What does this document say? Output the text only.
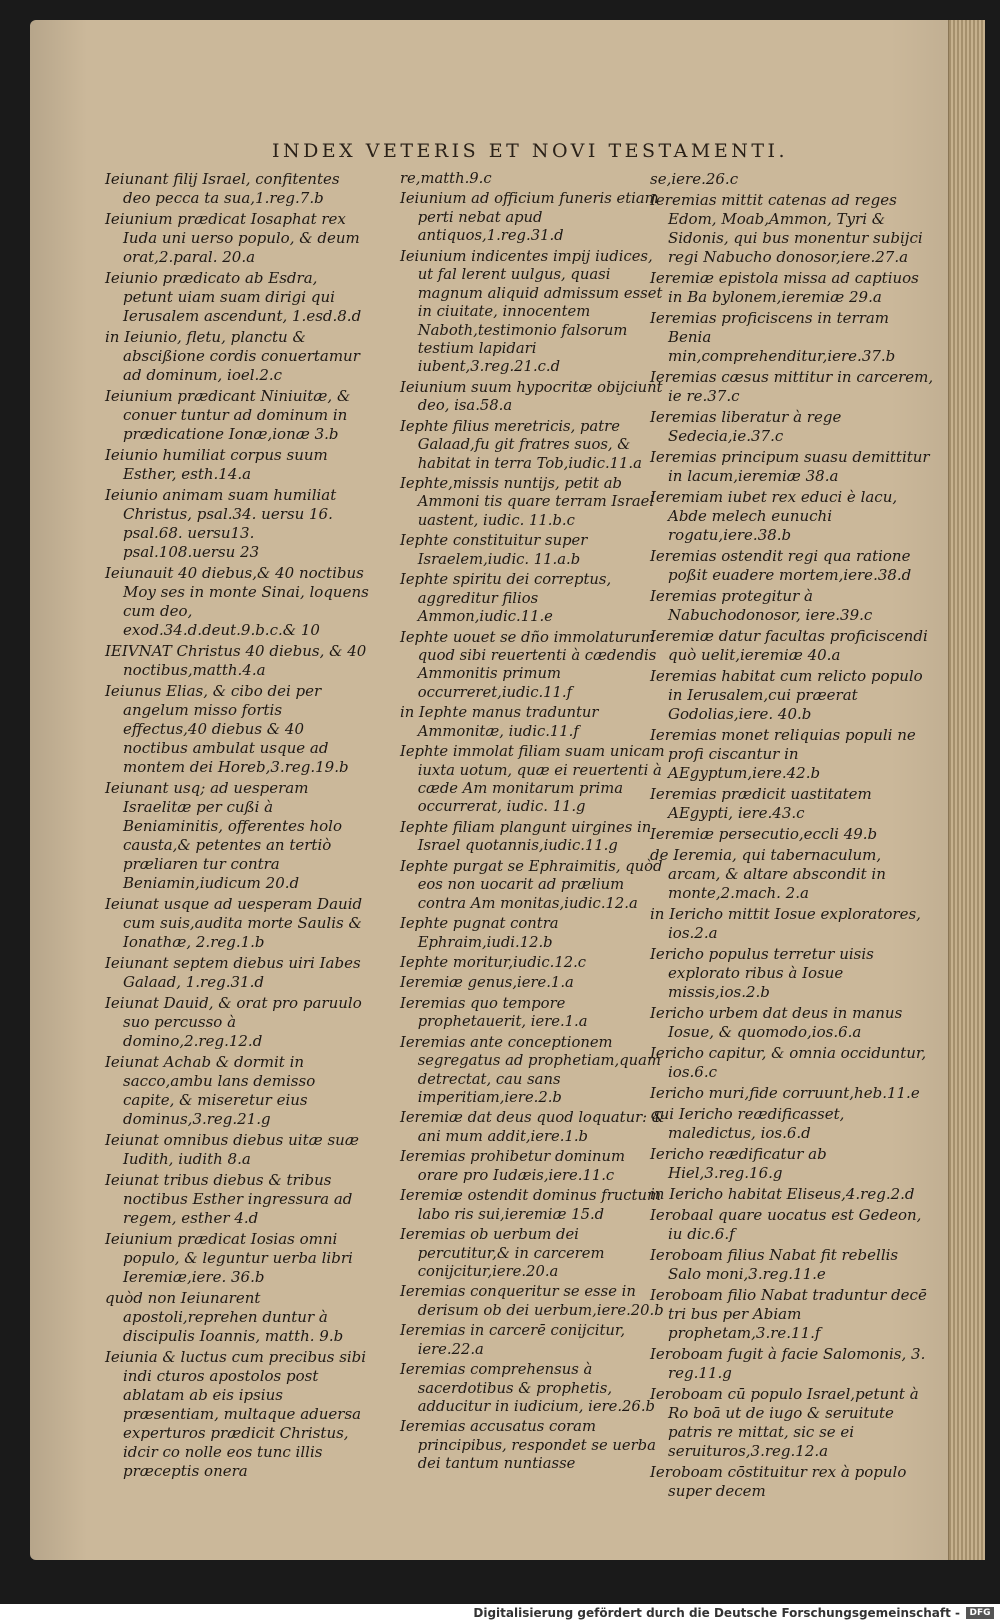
INDEX VETERIS ET NOVI TESTAMENTI.
Ieiunant filij Israel, confitentes deo pecca ta sua,1.reg.7.b
Ieiunium prædicat Iosaphat rex Iuda uni uerso populo, & deum orat,2.paral. 20.a
Ieiunio prædicato ab Esdra, petunt uiam suam dirigi qui Ierusalem ascendunt, 1.esd.8.d
in Ieiunio, fletu, planctu & abscißione cordis conuertamur ad dominum, ioel.2.c
Ieiunium prædicant Niniuitæ, & conuer tuntur ad dominum in prædicatione Ionæ,ionæ 3.b
Ieiunio humiliat corpus suum Esther, esth.14.a
Ieiunio animam suam humiliat Christus, psal.34. uersu 16. psal.68. uersu13. psal.108.uersu 23
Ieiunauit 40 diebus,& 40 noctibus Moy ses in monte Sinai, loquens cum deo, exod.34.d.deut.9.b.c.& 10
IEIVNAT Christus 40 diebus, & 40 noctibus,matth.4.a
Ieiunus Elias, & cibo dei per angelum misso fortis effectus,40 diebus & 40 noctibus ambulat usque ad montem dei Horeb,3.reg.19.b
Ieiunant usq; ad uesperam Israelitæ per cußi à Beniaminitis, offerentes holo causta,& petentes an tertiò præliaren tur contra Beniamin,iudicum 20.d
Ieiunat usque ad uesperam Dauid cum suis,audita morte Saulis & Ionathæ, 2.reg.1.b
Ieiunant septem diebus uiri Iabes Galaad, 1.reg.31.d
Ieiunat Dauid, & orat pro paruulo suo percusso à domino,2.reg.12.d
Ieiunat Achab & dormit in sacco,ambu lans demisso capite, & miseretur eius dominus,3.reg.21.g
Ieiunat omnibus diebus uitæ suæ Iudith, iudith 8.a
Ieiunat tribus diebus & tribus noctibus Esther ingressura ad regem, esther 4.d
Ieiunium prædicat Iosias omni populo, & leguntur uerba libri Ieremiæ,iere. 36.b
quòd non Ieiunarent apostoli,reprehen duntur à discipulis Ioannis, matth. 9.b
Ieiunia & luctus cum precibus sibi indi cturos apostolos post ablatam ab eis ipsius præsentiam, multaque aduersa experturos prædicit Christus, idcir co nolle eos tunc illis præceptis onera
re,matth.9.c
Ieiunium ad officium funeris etiam perti nebat apud antiquos,1.reg.31.d
Ieiunium indicentes impij iudices, ut fal lerent uulgus, quasi magnum aliquid admissum esset in ciuitate, innocentem Naboth,testimonio falsorum testium lapidari iubent,3.reg.21.c.d
Ieiunium suum hypocritæ obijciunt deo, isa.58.a
Iephte filius meretricis, patre Galaad,fu git fratres suos, & habitat in terra Tob,iudic.11.a
Iephte,missis nuntijs, petit ab Ammoni tis quare terram Israel uastent, iudic. 11.b.c
Iephte constituitur super Israelem,iudic. 11.a.b
Iephte spiritu dei correptus, aggreditur filios Ammon,iudic.11.e
Iephte uouet se dño immolaturum quod sibi reuertenti à cædendis Ammonitis primum occurreret,iudic.11.f
in Iephte manus traduntur Ammonitæ, iudic.11.f
Iephte immolat filiam suam unicam iuxta uotum, quæ ei reuertenti à cæde Am monitarum prima occurrerat, iudic. 11.g
Iephte filiam plangunt uirgines in Israel quotannis,iudic.11.g
Iephte purgat se Ephraimitis, quòd eos non uocarit ad prælium contra Am monitas,iudic.12.a
Iephte pugnat contra Ephraim,iudi.12.b
Iephte moritur,iudic.12.c
Ieremiæ genus,iere.1.a
Ieremias quo tempore prophetauerit, iere.1.a
Ieremias ante conceptionem segregatus ad prophetiam,quam detrectat, cau sans imperitiam,iere.2.b
Ieremiæ dat deus quod loquatur: & ani mum addit,iere.1.b
Ieremias prohibetur dominum orare pro Iudæis,iere.11.c
Ieremiæ ostendit dominus fructum labo ris sui,ieremiæ 15.d
Ieremias ob uerbum dei percutitur,& in carcerem conijcitur,iere.20.a
Ieremias conqueritur se esse in derisum ob dei uerbum,iere.20.b
Ieremias in carcerē conijcitur, iere.22.a
Ieremias comprehensus à sacerdotibus & prophetis, adducitur in iudicium, iere.26.b
Ieremias accusatus coram principibus, respondet se uerba dei tantum nuntiasse
se,iere.26.c
Ieremias mittit catenas ad reges Edom, Moab,Ammon, Tyri & Sidonis, qui bus monentur subijci regi Nabucho donosor,iere.27.a
Ieremiæ epistola missa ad captiuos in Ba bylonem,ieremiæ 29.a
Ieremias proficiscens in terram Benia min,comprehenditur,iere.37.b
Ieremias cæsus mittitur in carcerem, ie re.37.c
Ieremias liberatur à rege Sedecia,ie.37.c
Ieremias principum suasu demittitur in lacum,ieremiæ 38.a
Ieremiam iubet rex educi è lacu, Abde melech eunuchi rogatu,iere.38.b
Ieremias ostendit regi qua ratione poßit euadere mortem,iere.38.d
Ieremias protegitur à Nabuchodonosor, iere.39.c
Ieremiæ datur facultas proficiscendi quò uelit,ieremiæ 40.a
Ieremias habitat cum relicto populo in Ierusalem,cui præerat Godolias,iere. 40.b
Ieremias monet reliquias populi ne profi ciscantur in AEgyptum,iere.42.b
Ieremias prædicit uastitatem AEgypti, iere.43.c
Ieremiæ persecutio,eccli 49.b
de Ieremia, qui tabernaculum, arcam, & altare abscondit in monte,2.mach. 2.a
in Iericho mittit Iosue exploratores, ios.2.a
Iericho populus terretur uisis explorato ribus à Iosue missis,ios.2.b
Iericho urbem dat deus in manus Iosue, & quomodo,ios.6.a
Iericho capitur, & omnia occiduntur, ios.6.c
Iericho muri,fide corruunt,heb.11.e
qui Iericho reædificasset, maledictus, ios.6.d
Iericho reædificatur ab Hiel,3.reg.16.g
in Iericho habitat Eliseus,4.reg.2.d
Ierobaal quare uocatus est Gedeon, iu dic.6.f
Ieroboam filius Nabat fit rebellis Salo moni,3.reg.11.e
Ieroboam filio Nabat traduntur decē tri bus per Abiam prophetam,3.re.11.f
Ieroboam fugit à facie Salomonis, 3. reg.11.g
Ieroboam cū populo Israel,petunt à Ro boā ut de iugo & seruitute patris re mittat, sic se ei seruituros,3.reg.12.a
Ieroboam cōstituitur rex à populo super decem
Digitalisierung gefördert durch die Deutsche Forschungsgemeinschaft -	DFG
